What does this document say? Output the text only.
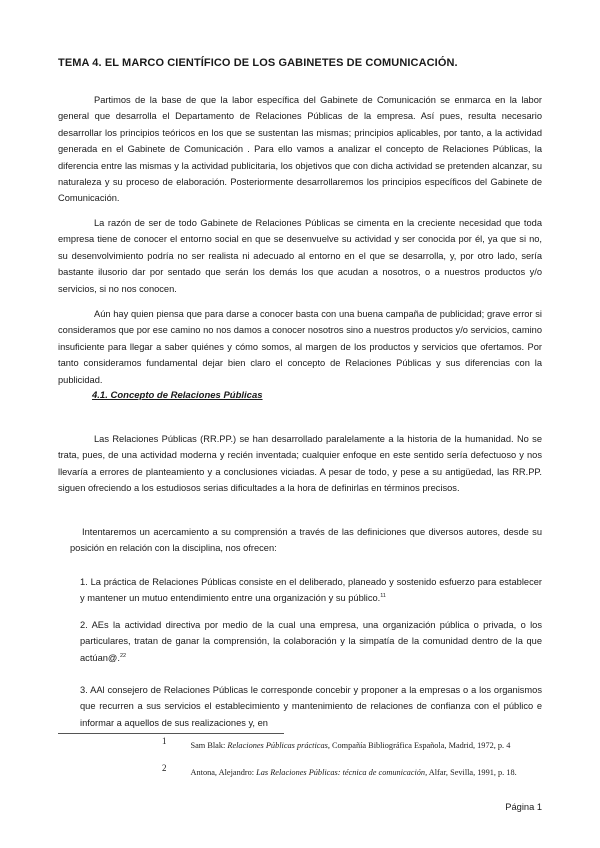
TEMA 4. EL MARCO CIENTÍFICO DE LOS GABINETES DE COMUNICACIÓN.

Partimos de la base de que la labor específica del Gabinete de Comunicación se enmarca en la labor general que desarrolla el Departamento de Relaciones Públicas de la empresa. Así pues, resulta necesario desarrollar los principios teóricos en los que se sustentan las mismas; principios aplicables, por tanto, a la actividad generada en el Gabinete de Comunicación . Para ello vamos a analizar el concepto de Relaciones Públicas, la diferencia entre las mismas y la actividad publicitaria, los objetivos que con dicha actividad se pretenden alcanzar, su naturaleza y su proceso de elaboración. Posteriormente desarrollaremos los principios específicos del Gabinete de Comunicación.

La razón de ser de todo Gabinete de Relaciones Públicas se cimenta en la creciente necesidad que toda empresa tiene de conocer el entorno social en que se desenvuelve su actividad y ser conocida por él, ya que si no, su desenvolvimiento podría no ser realista ni adecuado al entorno en el que se desarrolla, y, por otro lado, sería bastante ilusorio dar por sentado que serán los demás los que acudan a nosotros, o a nuestros productos y/o servicios, si no nos conocen.

Aún hay quien piensa que para darse a conocer basta con una buena campaña de publicidad; grave error si consideramos que por ese camino no nos damos a conocer nosotros sino a nuestros productos y/o servicios, camino insuficiente para llegar a saber quiénes y cómo somos, al margen de los productos y servicios que ofertamos. Por tanto consideramos fundamental dejar bien claro el concepto de Relaciones Públicas y sus diferencias con la publicidad.

4.1. Concepto de Relaciones Públicas

Las Relaciones Públicas (RR.PP.) se han desarrollado paralelamente a la historia de la humanidad. No se trata, pues, de una actividad moderna y recién inventada; cualquier enfoque en este sentido sería defectuoso y nos llevaría a errores de planteamiento y a conclusiones viciadas. A pesar de todo, y pese a su antigüedad, las RR.PP. siguen ofreciendo a los estudiosos serias dificultades a la hora de definirlas en términos precisos.

Intentaremos un acercamiento a su comprensión a través de las definiciones que diversos autores, desde su posición en relación con la disciplina, nos ofrecen:

1. La práctica de Relaciones Públicas consiste en el deliberado, planeado y sostenido esfuerzo para establecer y mantener un mutuo entendimiento entre una organización y su público.$^{11}$
2. AEs la actividad directiva por medio de la cual una empresa, una organización pública o privada, o los particulares, tratan de ganar la comprensión, la colaboración y la simpatía de la comunidad dentro de la que actúan@.$^{22}$
3. AAl consejero de Relaciones Públicas le corresponde concebir y proponer a la empresas o a los organismos que recurren a sus servicios el establecimiento y mantenimiento de relaciones de confianza con el público e informar a aquellos de sus realizaciones y, en
$^1$	Sam Blak: Relaciones Públicas prácticas, Compañía Bibliográfica Española, Madrid, 1972, p. 4
$^2$	Antona, Alejandro: Las Relaciones Públicas: técnica de comunicación, Alfar, Sevilla, 1991, p. 18.
Página 1
